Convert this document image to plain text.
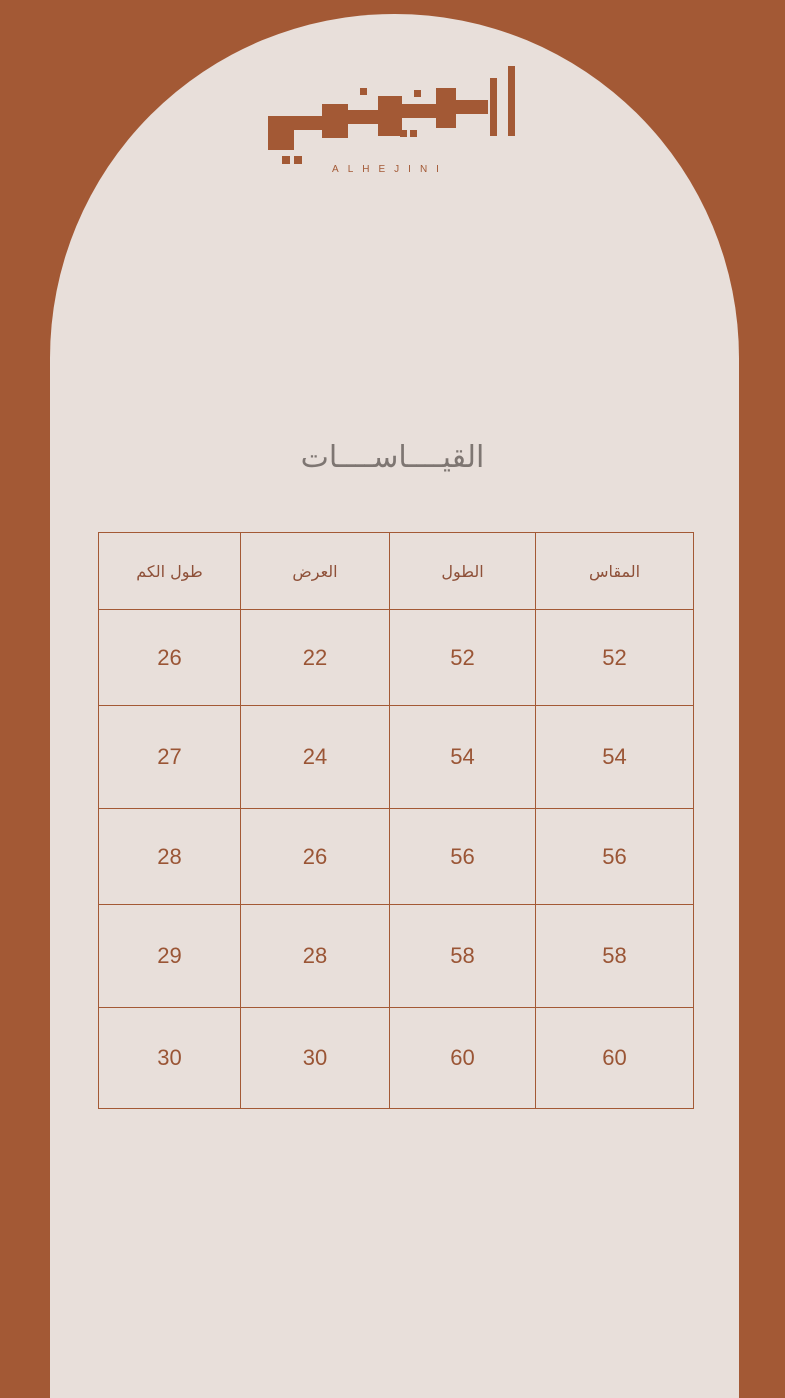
ALHEJINI
القيــــاســــات
المقاس	الطول	العرض	طول الكم
52	52	22	26
54	54	24	27
56	56	26	28
58	58	28	29
60	60	30	30
